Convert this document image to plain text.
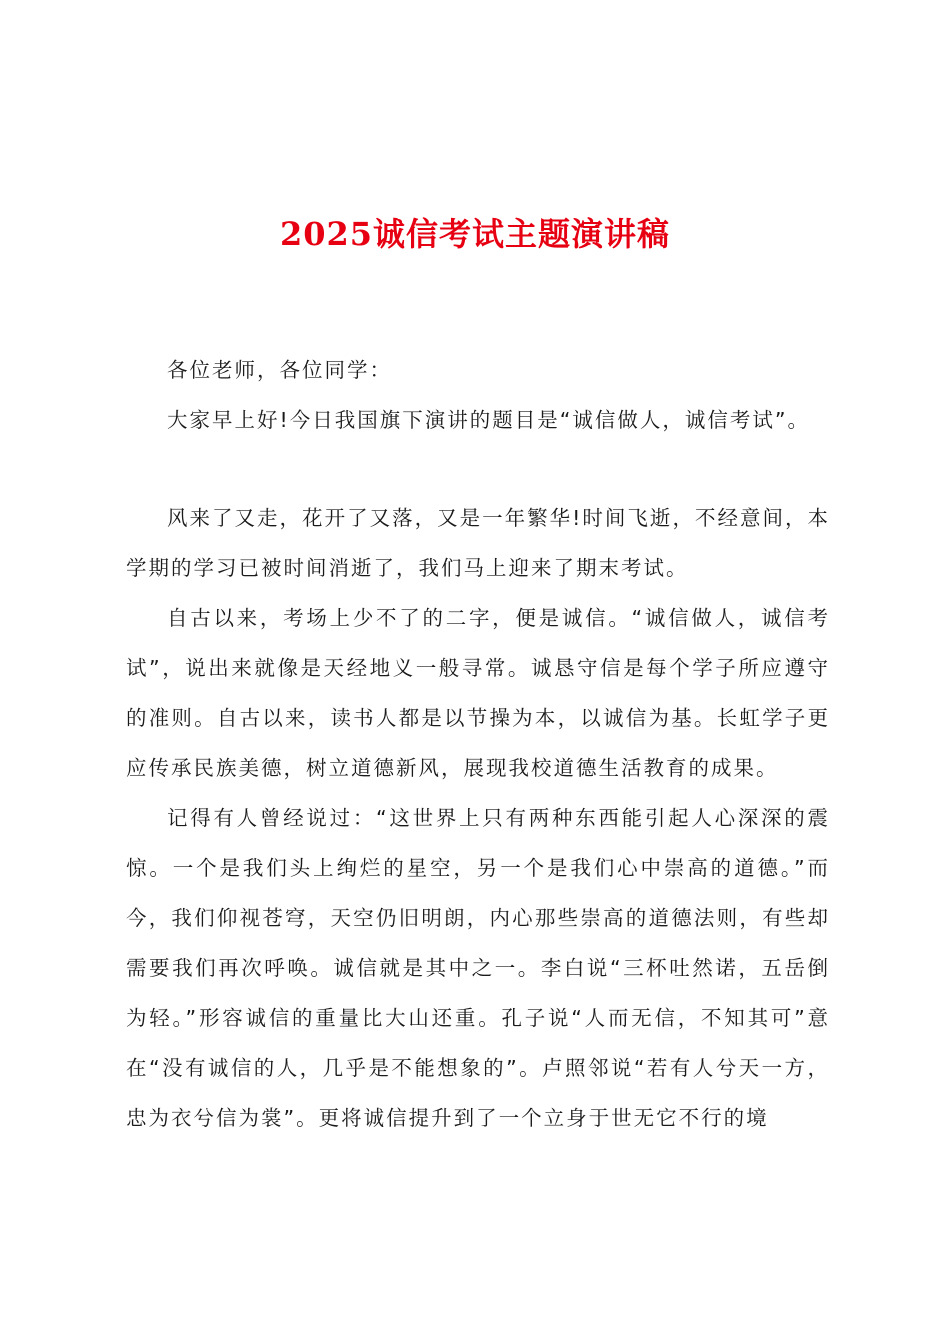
2025诚信考试主题演讲稿

各位老师，各位同学：

大家早上好!今日我国旗下演讲的题目是“诚信做人，诚信考试”。

风来了又走，花开了又落，又是一年繁华!时间飞逝，不经意间，本学期的学习已被时间消逝了，我们马上迎来了期末考试。

自古以来，考场上少不了的二字，便是诚信。“诚信做人，诚信考试”，说出来就像是天经地义一般寻常。诚恳守信是每个学子所应遵守的准则。自古以来，读书人都是以节操为本，以诚信为基。长虹学子更应传承民族美德，树立道德新风，展现我校道德生活教育的成果。

记得有人曾经说过：“这世界上只有两种东西能引起人心深深的震惊。一个是我们头上绚烂的星空，另一个是我们心中崇高的道德。”而今，我们仰视苍穹，天空仍旧明朗，内心那些崇高的道德法则，有些却需要我们再次呼唤。诚信就是其中之一。李白说“三杯吐然诺，五岳倒为轻。”形容诚信的重量比大山还重。孔子说“人而无信，不知其可”意在“没有诚信的人，几乎是不能想象的”。卢照邻说“若有人兮天一方，忠为衣兮信为裳”。更将诚信提升到了一个立身于世无它不行的境
